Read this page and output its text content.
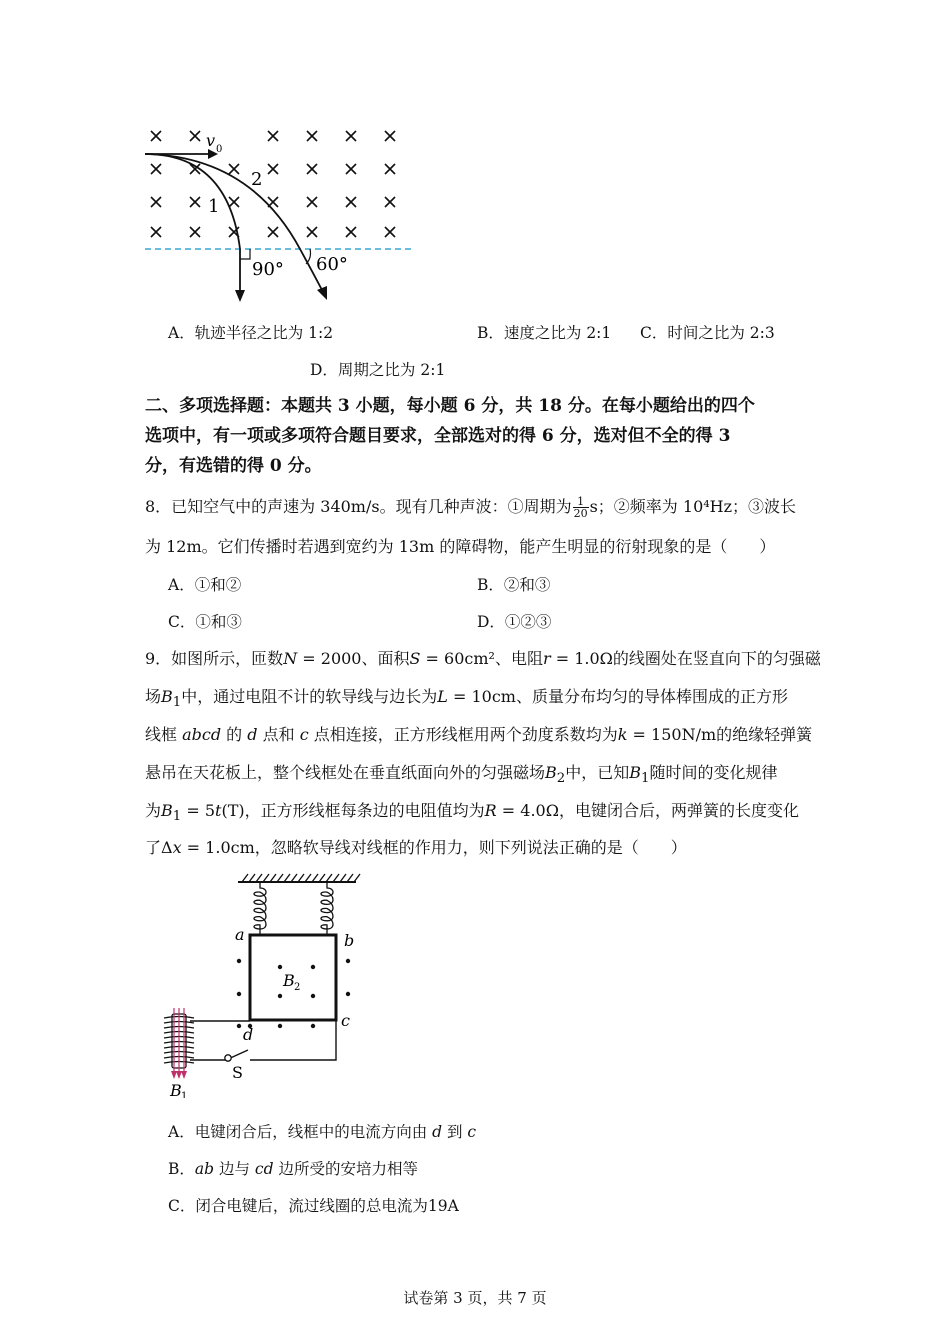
v 0
1
2
90° 60°
A．轨迹半径之比为 1:2	B．速度之比为 2:1 C．时间之比为 2:3
D．周期之比为 2:1
二、多项选择题：本题共 3 小题，每小题 6 分，共 18 分。在每小题给出的四个
选项中，有一项或多项符合题目要求，全部选对的得 6 分，选对但不全的得 3
分，有选错的得 0 分。
8．已知空气中的声速为 340m/s。现有几种声波：①周期为 $\frac{1}{20}$ s；②频率为 10⁴Hz；③波长
为 12m。它们传播时若遇到宽约为 13m 的障碍物，能产生明显的衍射现象的是（　　）
A．①和②	B．②和③
C．①和③	D．①②③
9．如图所示，匝数N = 2000、面积S = 60cm²、电阻r = 1.0Ω的线圈处在竖直向下的匀强磁
场$B_1$中，通过电阻不计的软导线与边长为L = 10cm、质量分布均匀的导体棒围成的正方形
线框 abcd 的 d 点和 c 点相连接，正方形线框用两个劲度系数均为k = 150N/m的绝缘轻弹簧
悬吊在天花板上，整个线框处在垂直纸面向外的匀强磁场$B_2$中，已知$B_1$随时间的变化规律
为$B_1 = 5t(T)$，正方形线框每条边的电阻值均为R = 4.0Ω，电键闭合后，两弹簧的长度变化
了Δx = 1.0cm，忽略软导线对线框的作用力，则下列说法正确的是（　　）
a	b
c
d
B 2
S
B 1
A．电键闭合后，线框中的电流方向由 d 到 c
B．ab 边与 cd 边所受的安培力相等
C．闭合电键后，流过线圈的总电流为19A
试卷第 3 页，共 7 页
